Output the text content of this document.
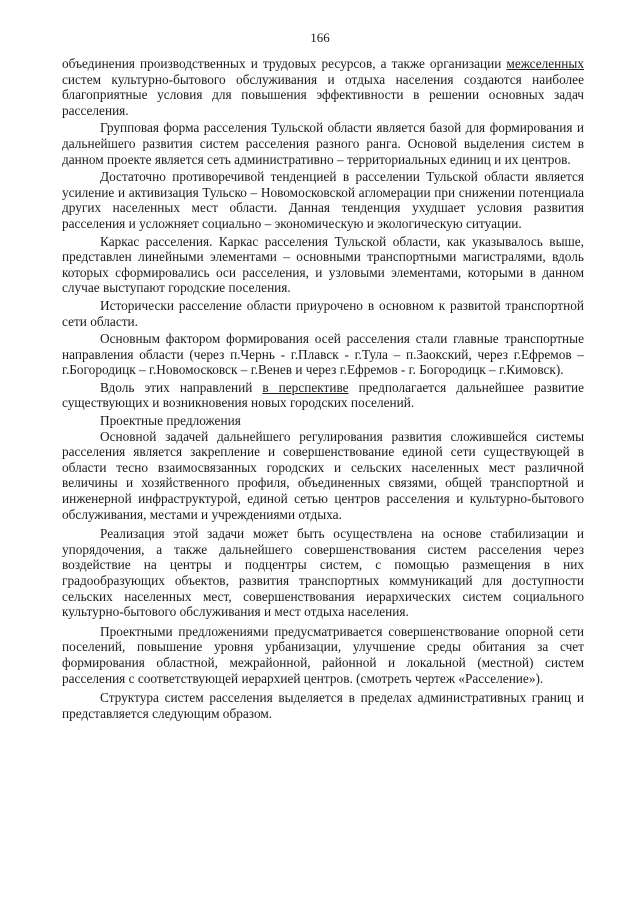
166

объединения производственных и трудовых ресурсов, а также организации межселенных систем культурно-бытового обслуживания и отдыха населения создаются наиболее благоприятные условия для повышения эффективности в решении основных задач расселения.

Групповая форма расселения Тульской области является базой для формирования и дальнейшего развития систем расселения разного ранга. Основой выделения систем в данном проекте является сеть административно – территориальных единиц и их центров.

Достаточно противоречивой тенденцией в расселении Тульской области является усиление и активизация Тульско – Новомосковской агломерации при снижении потенциала других населенных мест области. Данная тенденция ухудшает условия развития расселения и усложняет социально – экономическую и экологическую ситуации.

Каркас расселения. Каркас расселения Тульской области, как указывалось выше, представлен линейными элементами – основными транспортными магистралями, вдоль которых сформировались оси расселения, и узловыми элементами, которыми в данном случае выступают городские поселения.

Исторически расселение области приурочено в основном к развитой транспортной сети области.

Основным фактором формирования осей расселения стали главные транспортные направления области (через п.Чернь - г.Плавск - г.Тула – п.Заокский, через г.Ефремов – г.Богородицк – г.Новомосковск – г.Венев и через г.Ефремов - г. Богородицк – г.Кимовск).

Вдоль этих направлений в перспективе предполагается дальнейшее развитие существующих и возникновения новых городских поселений.

Проектные предложения

Основной задачей дальнейшего регулирования развития сложившейся системы расселения является закрепление и совершенствование единой сети существующей в области тесно взаимосвязанных городских и сельских населенных мест различной величины и хозяйственного профиля, объединенных связями, общей транспортной и инженерной инфраструктурой, единой сетью центров расселения и культурно-бытового обслуживания, местами и учреждениями отдыха.

Реализация этой задачи может быть осуществлена на основе стабилизации и упорядочения, а также дальнейшего совершенствования систем расселения через воздействие на центры и подцентры систем, с помощью размещения в них градообразующих объектов, развития транспортных коммуникаций для доступности сельских населенных мест, совершенствования иерархических систем социального культурно-бытового обслуживания и мест отдыха населения.

Проектными предложениями предусматривается совершенствование опорной сети поселений, повышение уровня урбанизации, улучшение среды обитания за счет формирования областной, межрайонной, районной и локальной (местной) систем расселения с соответствующей иерархией центров. (смотреть чертеж «Расселение»).

Структура систем расселения выделяется в пределах административных границ и представляется следующим образом.
